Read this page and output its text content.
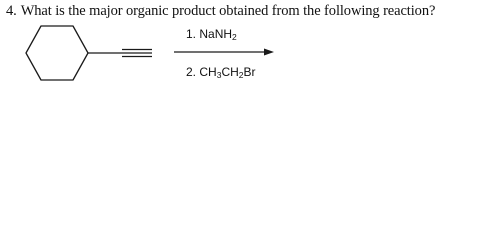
4. What is the major organic product obtained from the following reaction?
1. NaNH$_2$
2. $CH_3CH_2Br$
